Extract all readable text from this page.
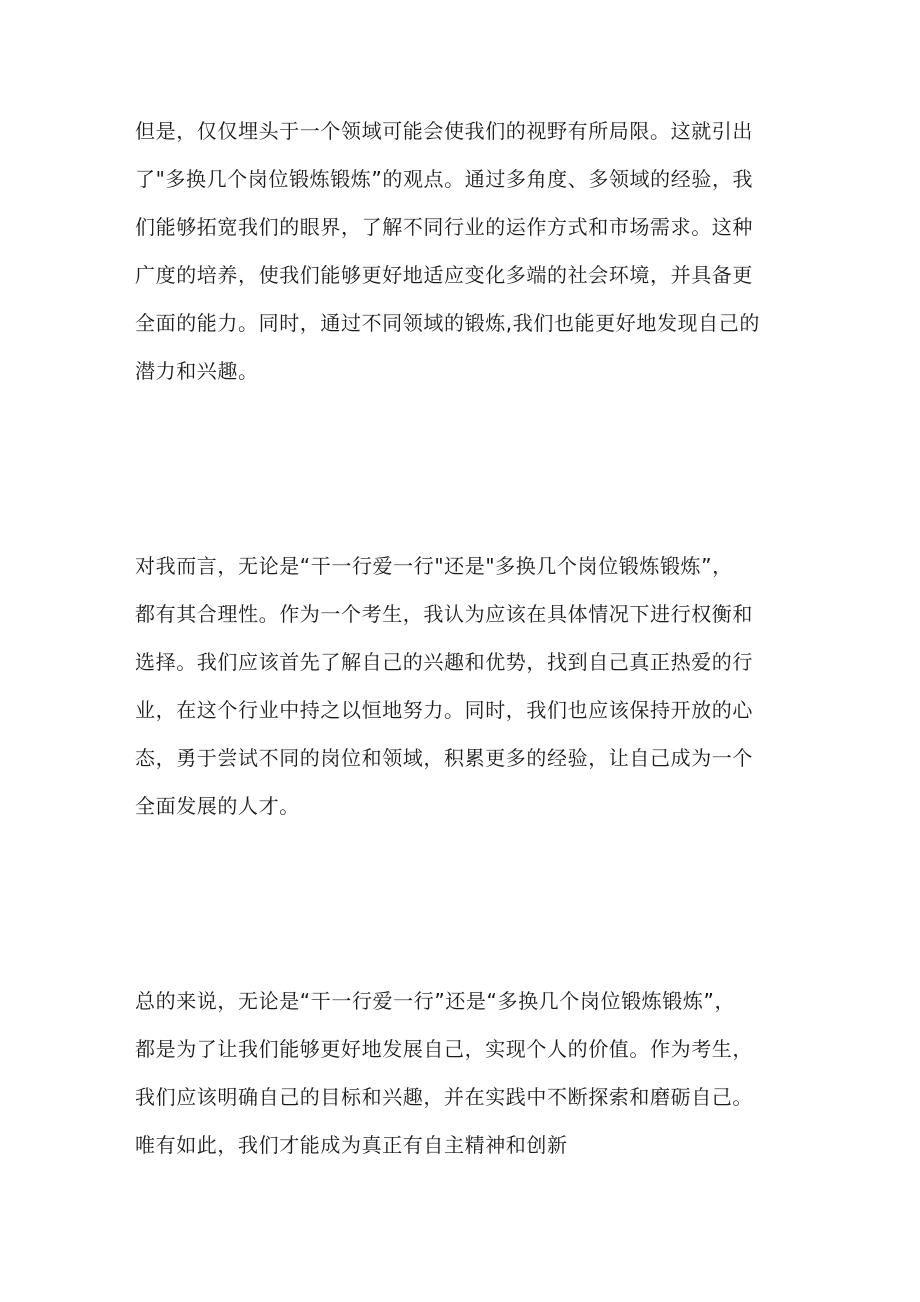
但是，仅仅埋头于一个领域可能会使我们的视野有所局限。这就引出
了"多换几个岗位锻炼锻炼”的观点。通过多角度、多领域的经验，我
们能够拓宽我们的眼界，了解不同行业的运作方式和市场需求。这种
广度的培养，使我们能够更好地适应变化多端的社会环境，并具备更
全面的能力。同时，通过不同领域的锻炼,我们也能更好地发现自己的
潜力和兴趣。
对我而言，无论是“干一行爱一行"还是"多换几个岗位锻炼锻炼”，
都有其合理性。作为一个考生，我认为应该在具体情况下进行权衡和
选择。我们应该首先了解自己的兴趣和优势，找到自己真正热爱的行
业，在这个行业中持之以恒地努力。同时，我们也应该保持开放的心
态，勇于尝试不同的岗位和领域，积累更多的经验，让自己成为一个
全面发展的人才。
总的来说，无论是“干一行爱一行”还是“多换几个岗位锻炼锻炼”，
都是为了让我们能够更好地发展自己，实现个人的价值。作为考生，
我们应该明确自己的目标和兴趣，并在实践中不断探索和磨砺自己。
唯有如此，我们才能成为真正有自主精神和创新
